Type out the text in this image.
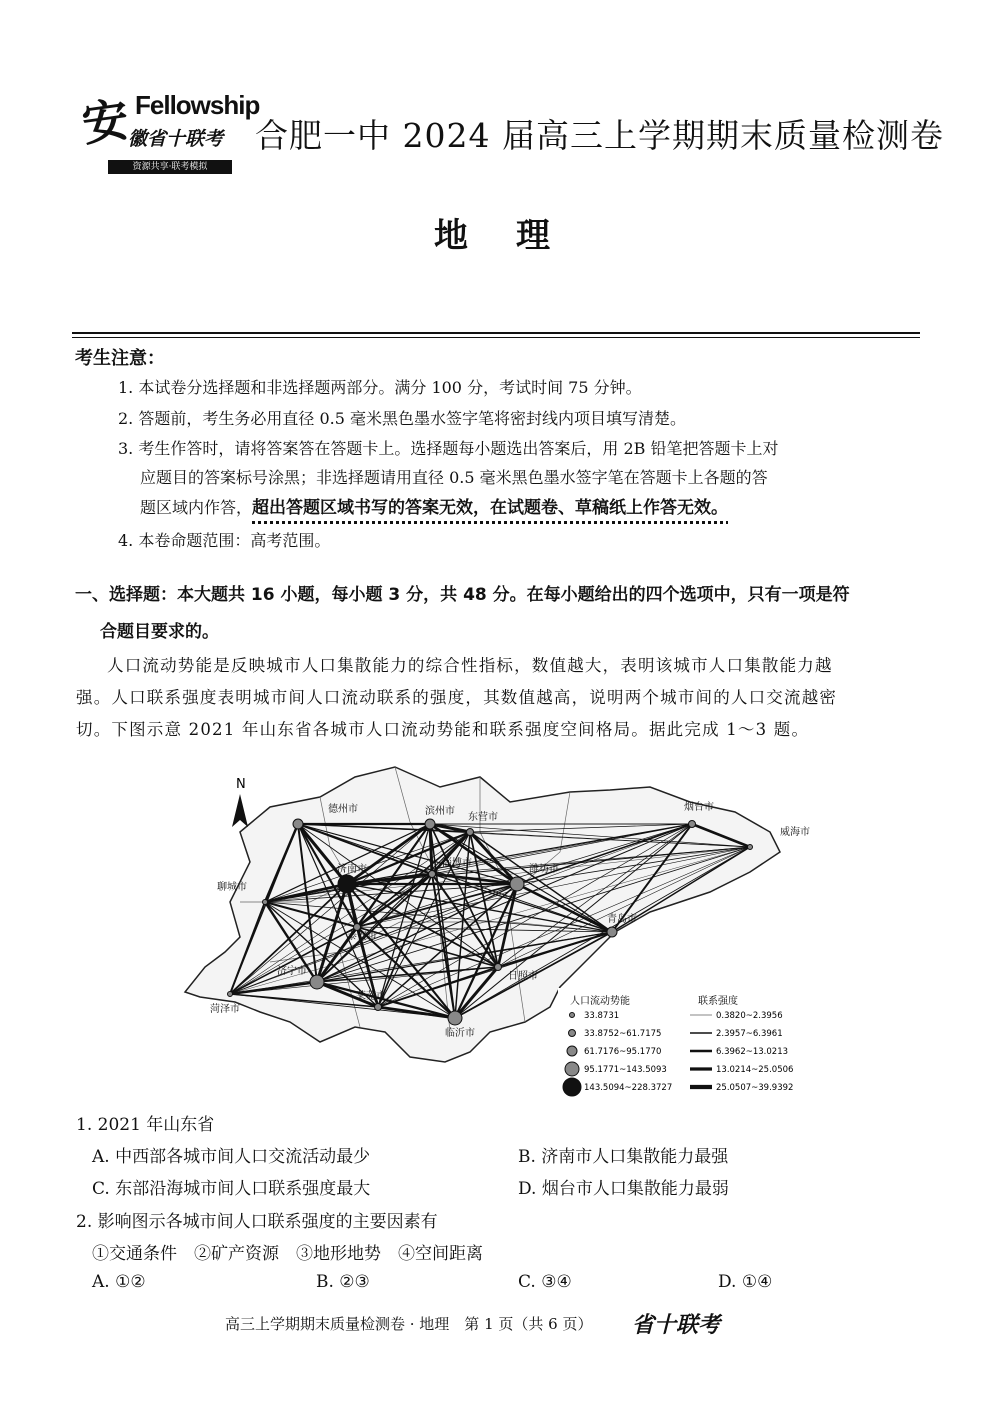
安 Fellowship
徽省十联考
资源共享·联考模拟
合肥一中 2024 届高三上学期期末质量检测卷
地理
考生注意：
1. 本试卷分选择题和非选择题两部分。满分 100 分，考试时间 75 分钟。
2. 答题前，考生务必用直径 0.5 毫米黑色墨水签字笔将密封线内项目填写清楚。
3. 考生作答时，请将答案答在答题卡上。选择题每小题选出答案后，用 2B 铅笔把答题卡上对
应题目的答案标号涂黑；非选择题请用直径 0.5 毫米黑色墨水签字笔在答题卡上各题的答
题区域内作答，超出答题区域书写的答案无效，在试题卷、草稿纸上作答无效。
4. 本卷命题范围：高考范围。
一、选择题：本大题共 16 小题，每小题 3 分，共 48 分。在每小题给出的四个选项中，只有一项是符
合题目要求的。
人口流动势能是反映城市人口集散能力的综合性指标，数值越大，表明该城市人口集散能力越
强。人口联系强度表明城市间人口流动联系的强度，其数值越高，说明两个城市间的人口交流越密
切。下图示意 2021 年山东省各城市人口流动势能和联系强度空间格局。据此完成 1～3 题。
N
德州市	滨州市
东营市
烟台市
威海市
济南市	潍坊市
聊城市
青岛市
淄博市
泰安市
日照市
济宁市
菏泽市
莱芜市
临沂市
人口流动势能	联系强度
33.8731
33.8752~61.7175
61.7176~95.1770
95.1771~143.5093
143.5094~228.3727
0.3820~2.3956
2.3957~6.3961
6.3962~13.0213
13.0214~25.0506
25.0507~39.9392
1. 2021 年山东省
A. 中西部各城市间人口交流活动最少	B. 济南市人口集散能力最强
C. 东部沿海城市间人口联系强度最大	D. 烟台市人口集散能力最弱
2. 影响图示各城市间人口联系强度的主要因素有
①交通条件　②矿产资源　③地形地势　④空间距离
A. ①②	B. ②③	C. ③④	D. ①④
高三上学期期末质量检测卷 · 地理　第 1 页（共 6 页） 省十联考
